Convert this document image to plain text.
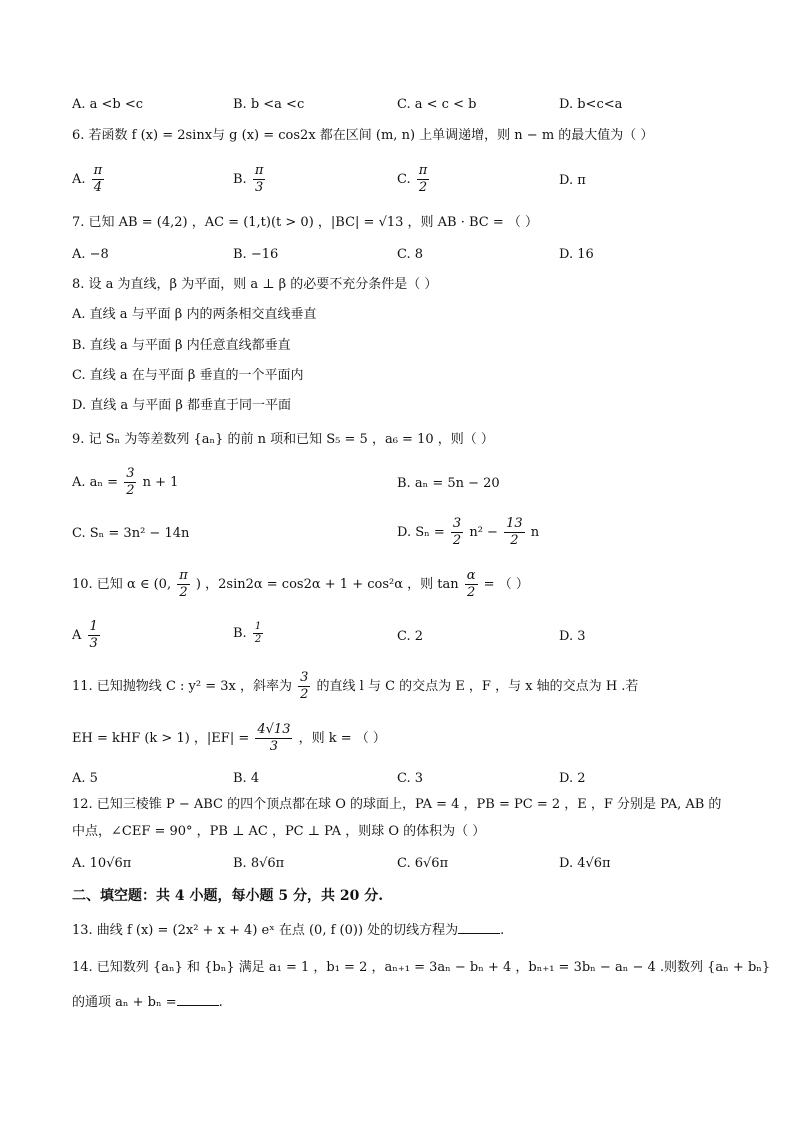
A. a <b <c	B. b <a <c	C. a < c < b	D. b<c<a
6. 若函数 f (x) = 2sinx与 g (x) = cos2x 都在区间 (m, n) 上单调递增，则 n − m 的最大值为（ ）
A. $\frac{\pi}{4}$	B. $\frac{\pi}{3}$	C. $\frac{\pi}{2}$	D. π
7. 已知 AB = (4,2) ，AC = (1,t)(t > 0) ，|BC| = √13 ，则 AB · BC = （ ）
A. −8	B. −16	C. 8	D. 16
8. 设 a 为直线，β 为平面，则 a ⊥ β 的必要不充分条件是（ ）
A. 直线 a 与平面 β 内的两条相交直线垂直
B. 直线 a 与平面 β 内任意直线都垂直
C. 直线 a 在与平面 β 垂直的一个平面内
D. 直线 a 与平面 β 都垂直于同一平面
9. 记 Sₙ 为等差数列 {aₙ} 的前 n 项和已知 S₅ = 5 ，a₆ = 10 ，则（ ）
A. $a_n = \frac{3}{2}$ n + 1	B. aₙ = 5n − 20
C. Sₙ = 3n² − 14n	D. $S_n = \frac{3}{2} n^2 - \frac{13}{2}$ n
10. 已知 α ∈ (0, $\frac{\pi}{2}$ ) ，2sin2α = cos2α + 1 + cos²α ，则 $\tan \frac{\alpha}{2}$ = （ ）
A $\frac{1}{3}$	B. $\frac{1}{2}$	C. 2	D. 3
11. 已知抛物线 C : y² = 3x ，斜率为 $\frac{3}{2}$ 的直线 l 与 C 的交点为 E ，F ，与 x 轴的交点为 H .若
EH = kHF (k > 1) ，$|EF| = \frac{4√13}{3}$ ，则 k = （ ）
A. 5	B. 4	C. 3	D. 2
12. 已知三棱锥 P − ABC 的四个顶点都在球 O 的球面上，PA = 4 ，PB = PC = 2 ，E ，F 分别是 PA, AB 的
中点，∠CEF = 90° ，PB ⊥ AC ，PC ⊥ PA ，则球 O 的体积为（ ）
A. 10√6π	B. 8√6π	C. 6√6π	D. 4√6π
二、填空题：共 4 小题，每小题 5 分，共 20 分.
13. 曲线 f (x) = (2x² + x + 4) eˣ 在点 (0, f (0)) 处的切线方程为	.
14. 已知数列 {aₙ} 和 {bₙ} 满足 a₁ = 1 ，b₁ = 2 ，aₙ₊₁ = 3aₙ − bₙ + 4 ，bₙ₊₁ = 3bₙ − aₙ − 4 .则数列 {aₙ + bₙ}
的通项 aₙ + bₙ =	.
